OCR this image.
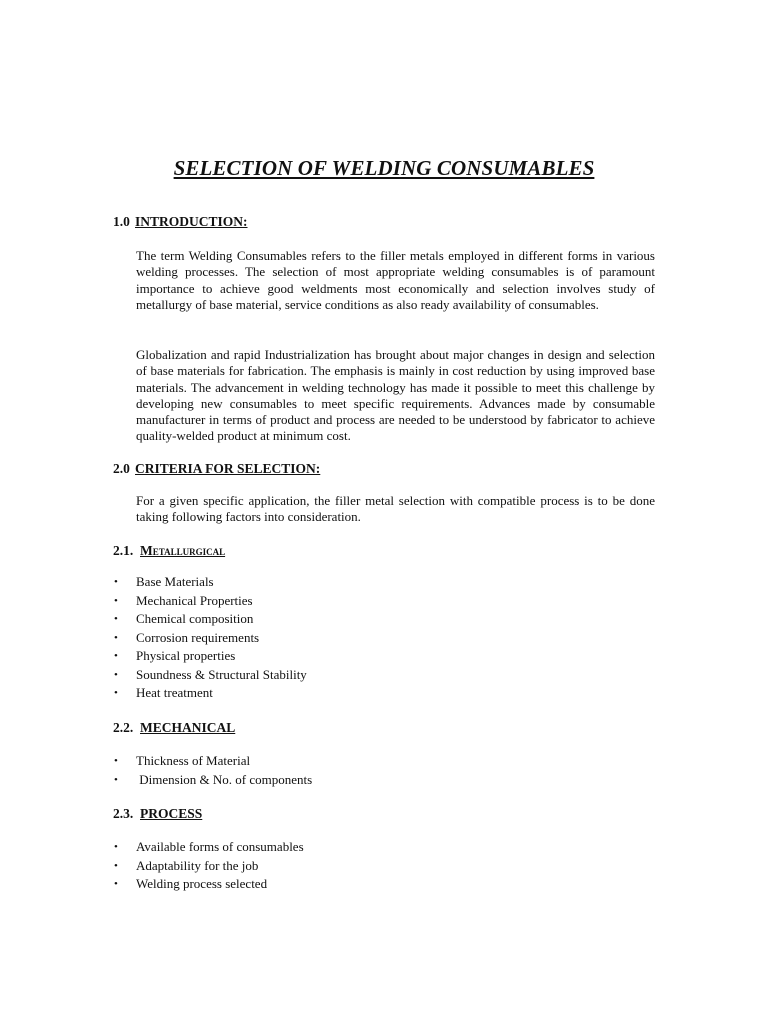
SELECTION OF WELDING CONSUMABLES
1.0 INTRODUCTION:

The term Welding Consumables refers to the filler metals employed in different forms in various welding processes. The selection of most appropriate welding consumables is of paramount importance to achieve good weldments most economically and selection involves study of metallurgy of base material, service conditions as also ready availability of consumables.

Globalization and rapid Industrialization has brought about major changes in design and selection of base materials for fabrication. The emphasis is mainly in cost reduction by using improved base materials. The advancement in welding technology has made it possible to meet this challenge by developing new consumables to meet specific requirements. Advances made by consumable manufacturer in terms of product and process are needed to be understood by fabricator to achieve quality-welded product at minimum cost.

2.0 CRITERIA FOR SELECTION:

For a given specific application, the filler metal selection with compatible process is to be done taking following factors into consideration.

2.1. Metallurgical
• Base Materials
• Mechanical Properties
• Chemical composition
• Corrosion requirements
• Physical properties
• Soundness & Structural Stability
• Heat treatment
2.2. MECHANICAL
• Thickness of Material
• Dimension & No. of components
2.3. PROCESS
• Available forms of consumables
• Adaptability for the job
• Welding process selected
